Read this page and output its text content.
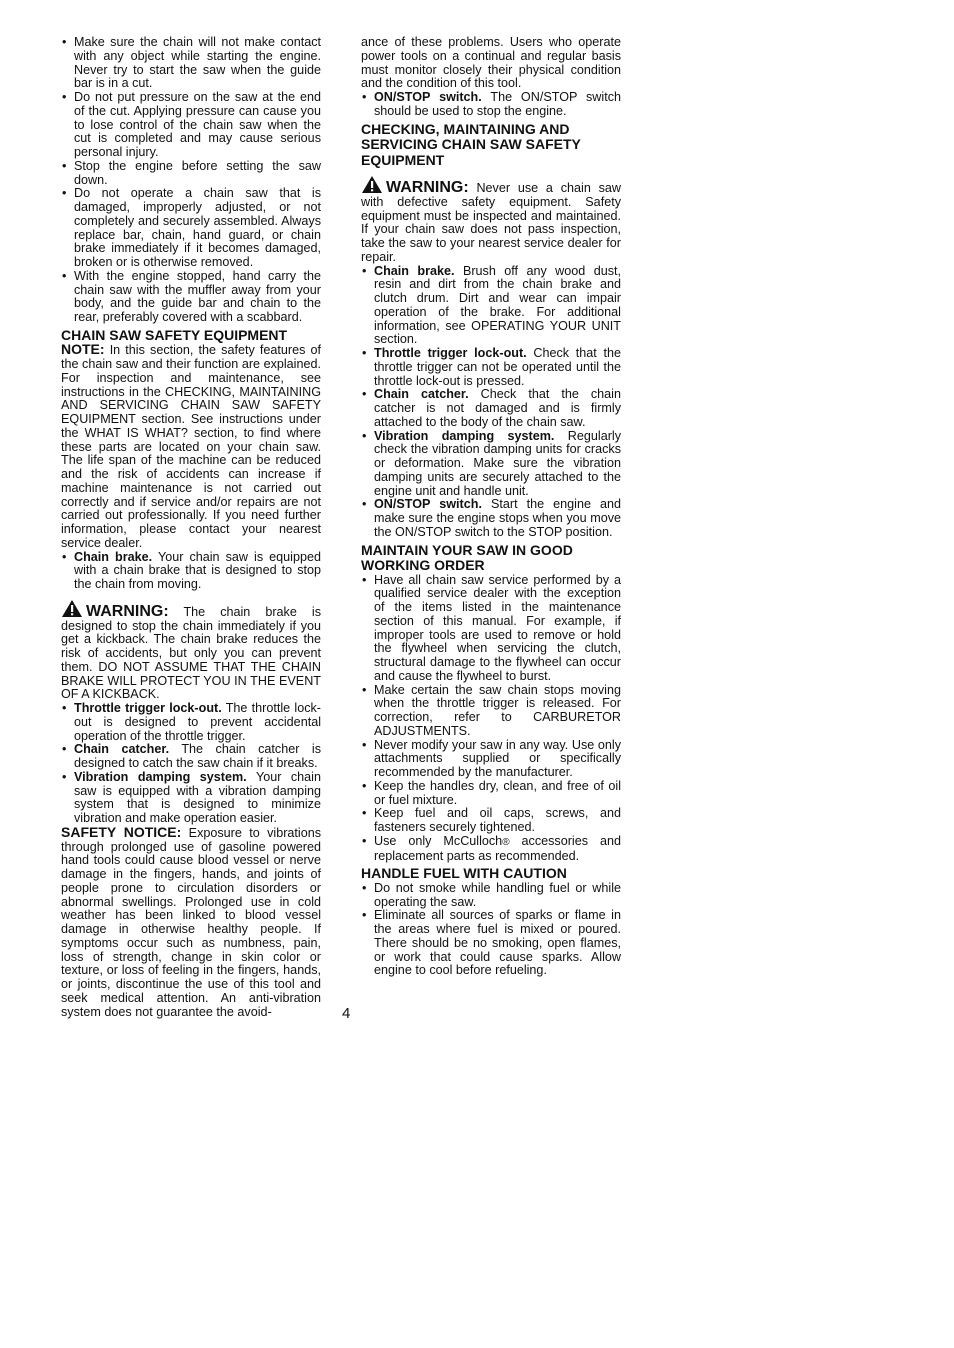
• Make sure the chain will not make contact with any object while starting the engine. Never try to start the saw when the guide bar is in a cut.
• Do not put pressure on the saw at the end of the cut. Applying pressure can cause you to lose control of the chain saw when the cut is completed and may cause serious personal injury.
• Stop the engine before setting the saw down.
• Do not operate a chain saw that is damaged, improperly adjusted, or not completely and securely assembled. Always replace bar, chain, hand guard, or chain brake immediately if it becomes damaged, broken or is otherwise removed.
• With the engine stopped, hand carry the chain saw with the muffler away from your body, and the guide bar and chain to the rear, preferably covered with a scabbard.
CHAIN SAW SAFETY EQUIPMENT

NOTE: In this section, the safety features of the chain saw and their function are explained. For inspection and maintenance, see instructions in the CHECKING, MAINTAINING AND SERVICING CHAIN SAW SAFETY EQUIPMENT section. See instructions under the WHAT IS WHAT? section, to find where these parts are located on your chain saw. The life span of the machine can be reduced and the risk of accidents can increase if machine maintenance is not carried out correctly and if service and/or repairs are not carried out professionally. If you need further information, please contact your nearest service dealer.

• Chain brake. Your chain saw is equipped with a chain brake that is designed to stop the chain from moving.

WARNING: The chain brake is designed to stop the chain immediately if you get a kickback. The chain brake reduces the risk of accidents, but only you can prevent them. DO NOT ASSUME THAT THE CHAIN BRAKE WILL PROTECT YOU IN THE EVENT OF A KICKBACK.

• Throttle trigger lock-out. The throttle lock-out is designed to prevent accidental operation of the throttle trigger.
• Chain catcher. The chain catcher is designed to catch the saw chain if it breaks.
• Vibration damping system. Your chain saw is equipped with a vibration damping system that is designed to minimize vibration and make operation easier.

SAFETY NOTICE: Exposure to vibrations through prolonged use of gasoline powered hand tools could cause blood vessel or nerve damage in the fingers, hands, and joints of people prone to circulation disorders or abnormal swellings. Prolonged use in cold weather has been linked to blood vessel damage in otherwise healthy people. If symptoms occur such as numbness, pain, loss of strength, change in skin color or texture, or loss of feeling in the fingers, hands, or joints, discontinue the use of this tool and seek medical attention. An anti-vibration system does not guarantee the avoid-

ance of these problems. Users who operate power tools on a continual and regular basis must monitor closely their physical condition and the condition of this tool.

• ON/STOP switch. The ON/STOP switch should be used to stop the engine.
CHECKING, MAINTAINING AND SERVICING CHAIN SAW SAFETY EQUIPMENT

WARNING: Never use a chain saw with defective safety equipment. Safety equipment must be inspected and maintained. If your chain saw does not pass inspection, take the saw to your nearest service dealer for repair.

• Chain brake. Brush off any wood dust, resin and dirt from the chain brake and clutch drum. Dirt and wear can impair operation of the brake. For additional information, see OPERATING YOUR UNIT section.
• Throttle trigger lock-out. Check that the throttle trigger can not be operated until the throttle lock-out is pressed.
• Chain catcher. Check that the chain catcher is not damaged and is firmly attached to the body of the chain saw.
• Vibration damping system. Regularly check the vibration damping units for cracks or deformation. Make sure the vibration damping units are securely attached to the engine unit and handle unit.
• ON/STOP switch. Start the engine and make sure the engine stops when you move the ON/STOP switch to the STOP position.
MAINTAIN YOUR SAW IN GOOD WORKING ORDER
• Have all chain saw service performed by a qualified service dealer with the exception of the items listed in the maintenance section of this manual. For example, if improper tools are used to remove or hold the flywheel when servicing the clutch, structural damage to the flywheel can occur and cause the flywheel to burst.
• Make certain the saw chain stops moving when the throttle trigger is released. For correction, refer to CARBURETOR ADJUSTMENTS.
• Never modify your saw in any way. Use only attachments supplied or specifically recommended by the manufacturer.
• Keep the handles dry, clean, and free of oil or fuel mixture.
• Keep fuel and oil caps, screws, and fasteners securely tightened.
• Use only McCulloch® accessories and replacement parts as recommended.
HANDLE FUEL WITH CAUTION
• Do not smoke while handling fuel or while operating the saw.
• Eliminate all sources of sparks or flame in the areas where fuel is mixed or poured. There should be no smoking, open flames, or work that could cause sparks. Allow engine to cool before refueling.
4
